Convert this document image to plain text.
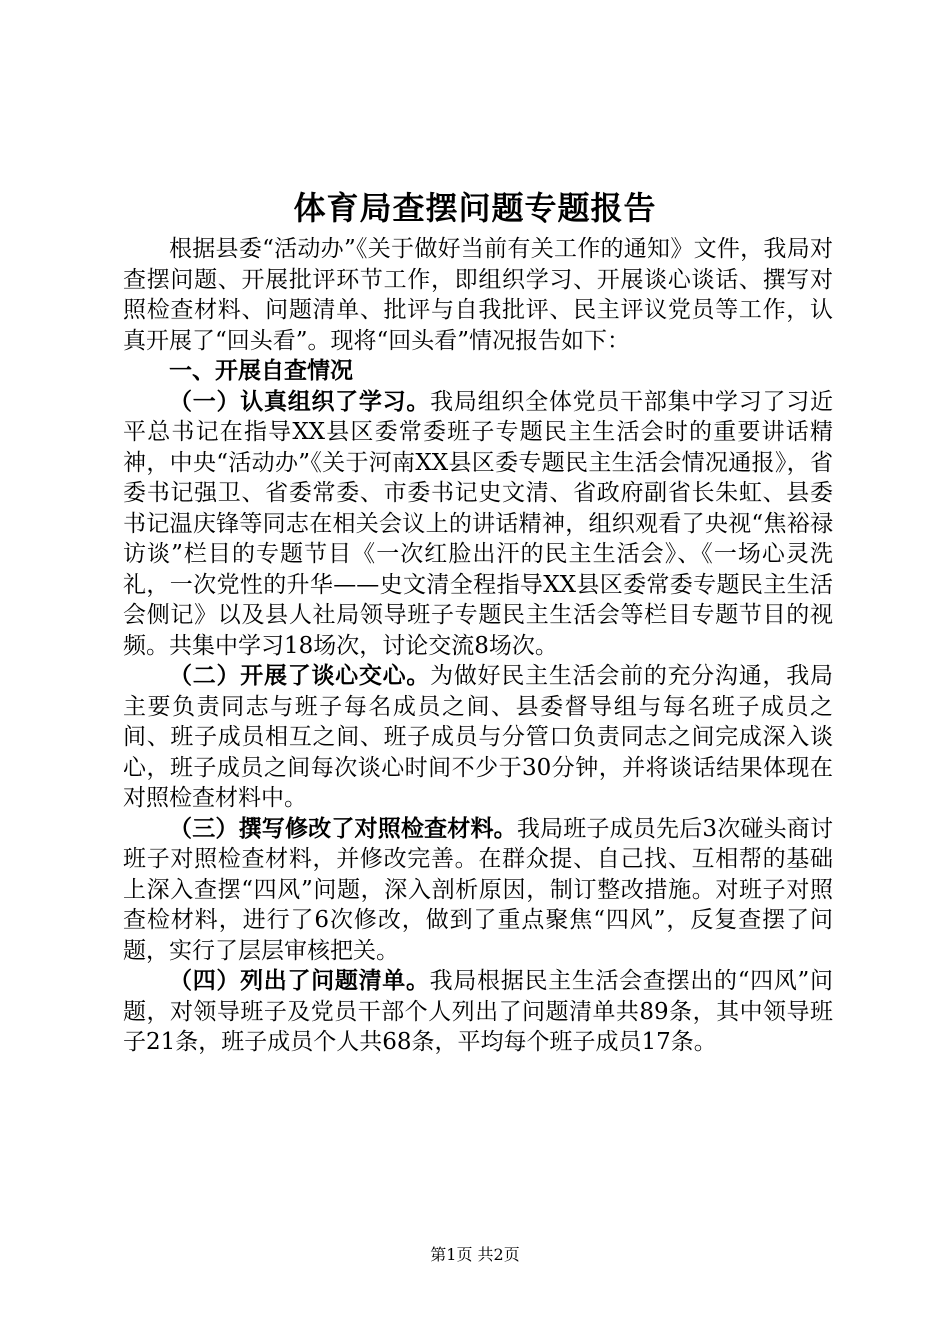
体育局查摆问题专题报告

根据县委“活动办”《关于做好当前有关工作的通知》文件，我局对查摆问题、开展批评环节工作，即组织学习、开展谈心谈话、撰写对照检查材料、问题清单、批评与自我批评、民主评议党员等工作，认真开展了“回头看”。现将“回头看”情况报告如下：

一、开展自查情况

（一）认真组织了学习。我局组织全体党员干部集中学习了习近平总书记在指导XX县区委常委班子专题民主生活会时的重要讲话精神，中央“活动办”《关于河南XX县区委专题民主生活会情况通报》，省委书记强卫、省委常委、市委书记史文清、省政府副省长朱虹、县委书记温庆锋等同志在相关会议上的讲话精神，组织观看了央视“焦裕禄访谈”栏目的专题节目《一次红脸出汗的民主生活会》、《一场心灵洗礼，一次党性的升华——史文清全程指导XX县区委常委专题民主生活会侧记》以及县人社局领导班子专题民主生活会等栏目专题节目的视频。共集中学习18场次，讨论交流8场次。

（二）开展了谈心交心。为做好民主生活会前的充分沟通，我局主要负责同志与班子每名成员之间、县委督导组与每名班子成员之间、班子成员相互之间、班子成员与分管口负责同志之间完成深入谈心，班子成员之间每次谈心时间不少于30分钟，并将谈话结果体现在对照检查材料中。

（三）撰写修改了对照检查材料。我局班子成员先后3次碰头商讨班子对照检查材料，并修改完善。在群众提、自己找、互相帮的基础上深入查摆“四风”问题，深入剖析原因，制订整改措施。对班子对照查检材料，进行了6次修改，做到了重点聚焦“四风”，反复查摆了问题，实行了层层审核把关。

（四）列出了问题清单。我局根据民主生活会查摆出的“四风”问题，对领导班子及党员干部个人列出了问题清单共89条，其中领导班子21条，班子成员个人共68条，平均每个班子成员17条。

第1页 共2页
